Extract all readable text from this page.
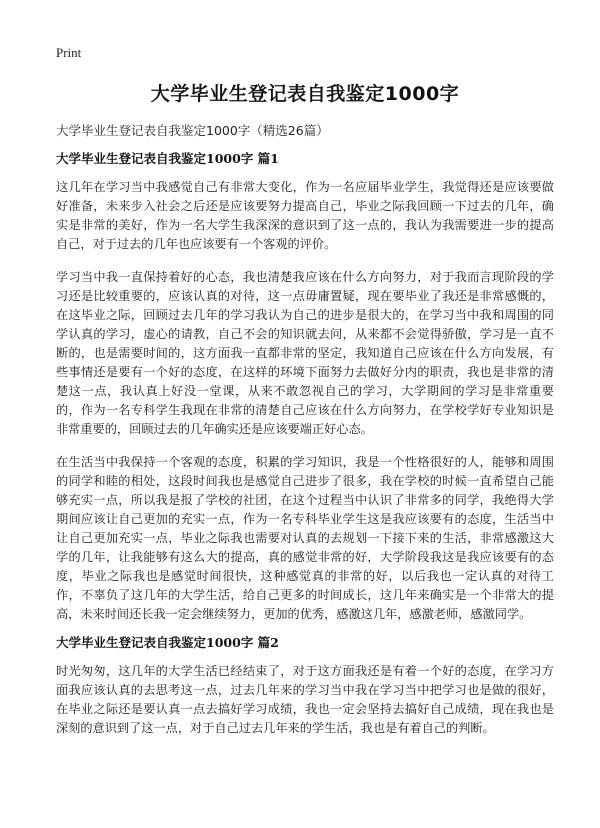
Print
大学毕业生登记表自我鉴定1000字

大学毕业生登记表自我鉴定1000字（精选26篇）

大学毕业生登记表自我鉴定1000字 篇1

这几年在学习当中我感觉自己有非常大变化，作为一名应届毕业学生，我觉得还是应该要做好准备，未来步入社会之后还是应该要努力提高自己，毕业之际我回顾一下过去的几年，确实是非常的美好，作为一名大学生我深深的意识到了这一点的，我认为我需要进一步的提高自己，对于过去的几年也应该要有一个客观的评价。

学习当中我一直保持着好的心态，我也清楚我应该在什么方向努力，对于我而言现阶段的学习还是比较重要的，应该认真的对待，这一点毋庸置疑，现在要毕业了我还是非常感慨的，在这毕业之际，回顾过去几年的学习我认为自己的进步是很大的，在学习当中我和周围的同学认真的学习，虚心的请教，自己不会的知识就去问，从来都不会觉得骄傲，学习是一直不断的，也是需要时间的，这方面我一直都非常的坚定，我知道自己应该在什么方向发展，有些事情还是要有一个好的态度，在这样的环境下面努力去做好分内的职责，我也是非常的清楚这一点，我认真上好没一堂课，从来不敢忽视自己的学习，大学期间的学习是非常重要的，作为一名专科学生我现在非常的清楚自己应该在什么方向努力，在学校学好专业知识是非常重要的，回顾过去的几年确实还是应该要端正好心态。

在生活当中我保持一个客观的态度，积累的学习知识，我是一个性格很好的人，能够和周围的同学和睦的相处，这段时间我也是感觉自己进步了很多，我在学校的时候一直希望自己能够充实一点，所以我是报了学校的社团，在这个过程当中认识了非常多的同学，我绝得大学期间应该让自己更加的充实一点，作为一名专科毕业学生这是我应该要有的态度，生活当中让自己更加充实一点，毕业之际我也需要对认真的去规划一下接下来的生活，非常感激这大学的几年，让我能够有这么大的提高，真的感觉非常的好，大学阶段我这是我应该要有的态度，毕业之际我也是感觉时间很快，这种感觉真的非常的好，以后我也一定认真的对待工作，不辜负了这几年的大学生活，给自己更多的时间成长，这几年来确实是一个非常大的提高，未来时间还长我一定会继续努力，更加的优秀，感激这几年，感激老师，感激同学。

大学毕业生登记表自我鉴定1000字 篇2

时光匆匆，这几年的大学生活已经结束了，对于这方面我还是有着一个好的态度，在学习方面我应该认真的去思考这一点，过去几年来的学习当中我在学习当中把学习也是做的很好，在毕业之际还是要认真一点去搞好学习成绩，我也一定会坚持去搞好自己成绩，现在我也是深刻的意识到了这一点，对于自己过去几年来的学生活，我也是有着自己的判断。
